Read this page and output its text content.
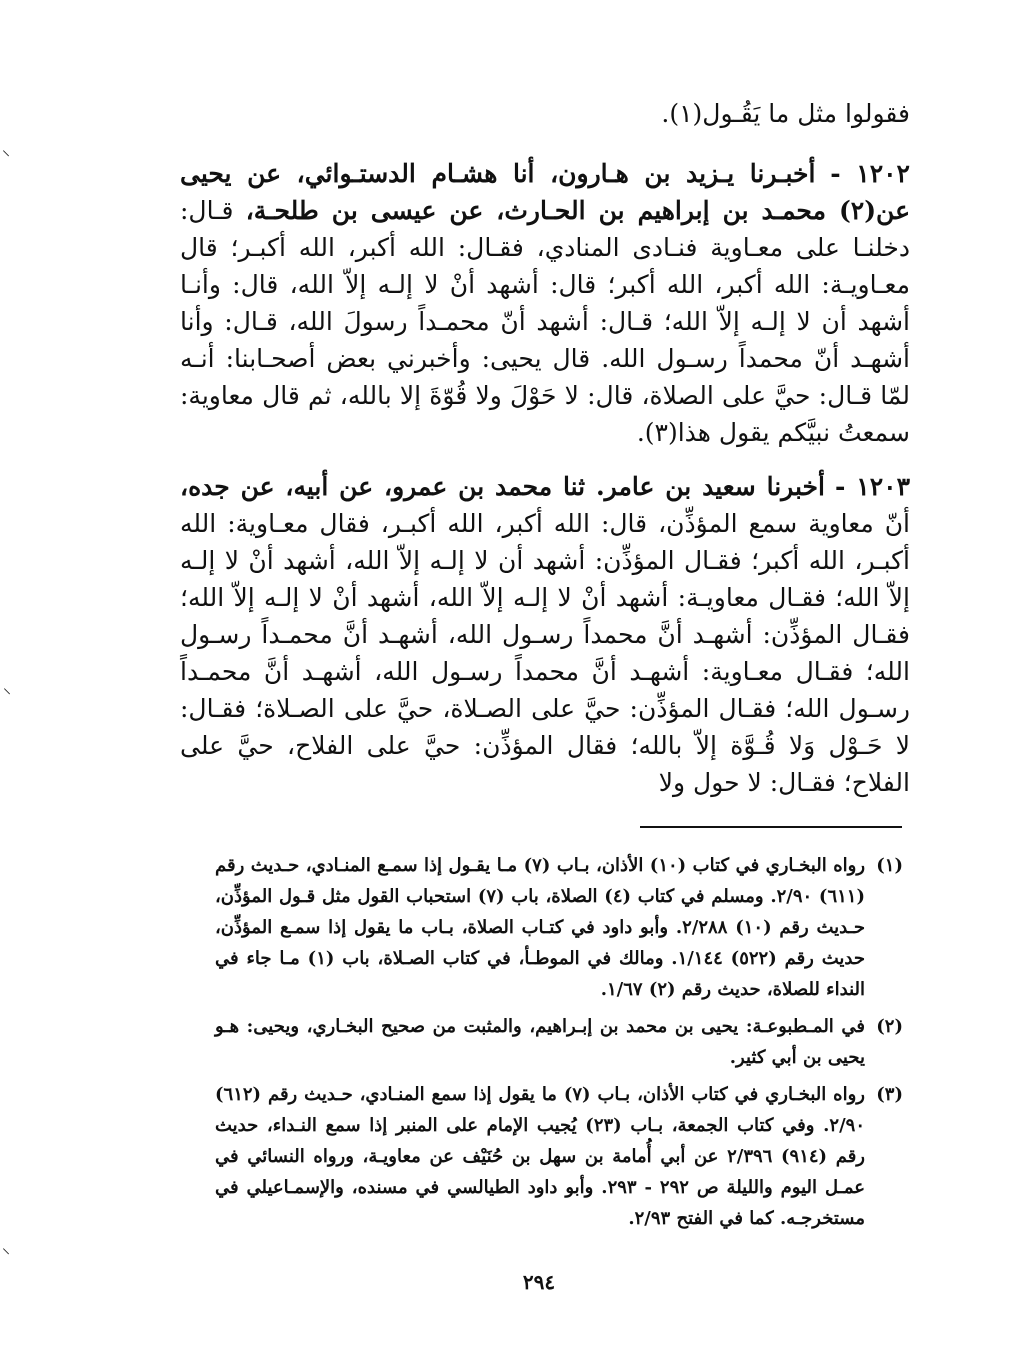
فقولوا مثل ما يَقُـول(١).

١٢٠٢ - أخبـرنا يـزيد بن هـارون، أنا هشـام الدستـوائي، عن يحيى عن(٢) محمـد بن إبراهيم بن الحـارث، عن عيسى بن طلحـة، قـال: دخلنـا على معـاوية فنـادى المنادي، فقـال: الله أكبر، الله أكبـر؛ قال معـاويـة: الله أكبر، الله أكبر؛ قال: أشهد أنْ لا إلـه إلاّ الله، قال: وأنـا أشهد أن لا إلـه إلاّ الله؛ قـال: أشهد أنّ محمـداً رسولَ الله، قـال: وأنا أشهـد أنّ محمداً رسـول الله. قال يحيى: وأخبرني بعض أصحـابنا: أنـه لمّا قـال: حيَّ على الصلاة، قال: لا حَوْلَ ولا قُوّةَ إلا بالله، ثم قال معاوية: سمعتُ نبيَّكم يقول هذا(٣).

١٢٠٣ - أخبرنا سعيد بن عامر. ثنا محمد بن عمرو، عن أبيه، عن جده، أنّ معاوية سمع المؤذِّن، قال: الله أكبر، الله أكبـر، فقال معـاوية: الله أكبـر، الله أكبر؛ فقـال المؤذِّن: أشهد أن لا إلـه إلاّ الله، أشهد أنْ لا إلـه إلاّ الله؛ فقـال معاويـة: أشهد أنْ لا إلـه إلاّ الله، أشهد أنْ لا إلـه إلاّ الله؛ فقـال المؤذِّن: أشهـد أنَّ محمداً رسـول الله، أشهـد أنَّ محمـداً رسـول الله؛ فقـال معـاوية: أشهـد أنَّ محمداً رسـول الله، أشهـد أنَّ محمـداً رسـول الله؛ فقـال المؤذِّن: حيَّ على الصـلاة، حيَّ على الصـلاة؛ فقـال: لا حَـوْل وَلا قُـوَّة إلاّ بالله؛ فقال المؤذِّن: حيَّ على الفلاح، حيَّ على الفلاح؛ فقـال: لا حول ولا

(١)
رواه البخـاري في كتاب (١٠) الأذان، بـاب (٧) مـا يقـول إذا سمـع المنـادي، حـديث رقم (٦١١) ٢/٩٠. ومسلم في كتاب (٤) الصلاة، باب (٧) استحباب القول مثل قـول المؤذِّن، حـديث رقم (١٠) ٢/٢٨٨. وأبو داود في كتـاب الصلاة، بـاب ما يقول إذا سمـع المؤذِّن، حديث رقم (٥٢٢) ١/١٤٤. ومالك في الموطـأ، في كتاب الصـلاة، باب (١) مـا جاء في النداء للصلاة، حديث رقم (٢) ١/٦٧.
(٢)
في المـطبوعـة: يحيى بن محمد بن إبـراهيم، والمثبت من صحيح البخـاري، ويحيى: هـو يحيى بن أبي كثير.
(٣)
رواه البخـاري في كتاب الأذان، بـاب (٧) ما يقول إذا سمع المنـادي، حـديث رقم (٦١٢) ٢/٩٠. وفي كتاب الجمعة، بـاب (٢٣) يُجيب الإمام على المنبر إذا سمع النـداء، حديث رقم (٩١٤) ٢/٣٩٦ عن أبي أُمامة بن سهل بن حُنَيْف عن معاويـة، ورواه النسائي في عمـل اليوم والليلة ص ٢٩٢ - ٢٩٣. وأبو داود الطيالسي في مسنده، والإسمـاعيلي في مستخرجـه. كما في الفتح ٢/٩٣.
٢٩٤
⸜
⸜
⸜
